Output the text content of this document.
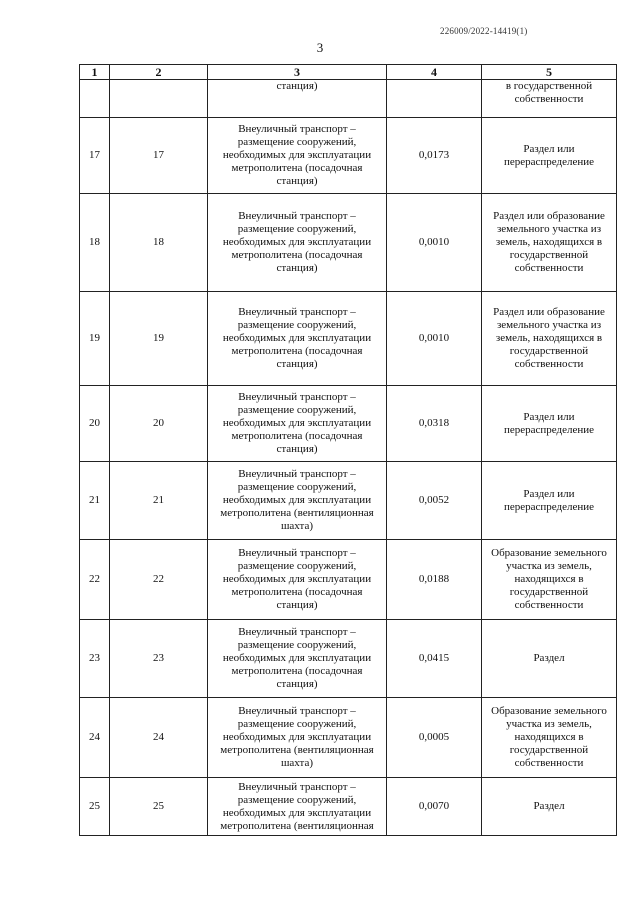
226009/2022-14419(1)
3
1	2	3	4	5
		станция)		в государственной собственности
17	17	Внеуличный транспорт – размещение сооружений, необходимых для эксплуатации метрополитена (посадочная станция)	0,0173	Раздел или перераспределение
18	18	Внеуличный транспорт – размещение сооружений, необходимых для эксплуатации метрополитена (посадочная станция)	0,0010	Раздел или образование земельного участка из земель, находящихся в государственной собственности
19	19	Внеуличный транспорт – размещение сооружений, необходимых для эксплуатации метрополитена (посадочная станция)	0,0010	Раздел или образование земельного участка из земель, находящихся в государственной собственности
20	20	Внеуличный транспорт – размещение сооружений, необходимых для эксплуатации метрополитена (посадочная станция)	0,0318	Раздел или перераспределение
21	21	Внеуличный транспорт – размещение сооружений, необходимых для эксплуатации метрополитена (вентиляционная шахта)	0,0052	Раздел или перераспределение
22	22	Внеуличный транспорт – размещение сооружений, необходимых для эксплуатации метрополитена (посадочная станция)	0,0188	Образование земельного участка из земель, находящихся в государственной собственности
23	23	Внеуличный транспорт – размещение сооружений, необходимых для эксплуатации метрополитена (посадочная станция)	0,0415	Раздел
24	24	Внеуличный транспорт – размещение сооружений, необходимых для эксплуатации метрополитена (вентиляционная шахта)	0,0005	Образование земельного участка из земель, находящихся в государственной собственности
25	25	Внеуличный транспорт – размещение сооружений, необходимых для эксплуатации метрополитена (вентиляционная	0,0070	Раздел
